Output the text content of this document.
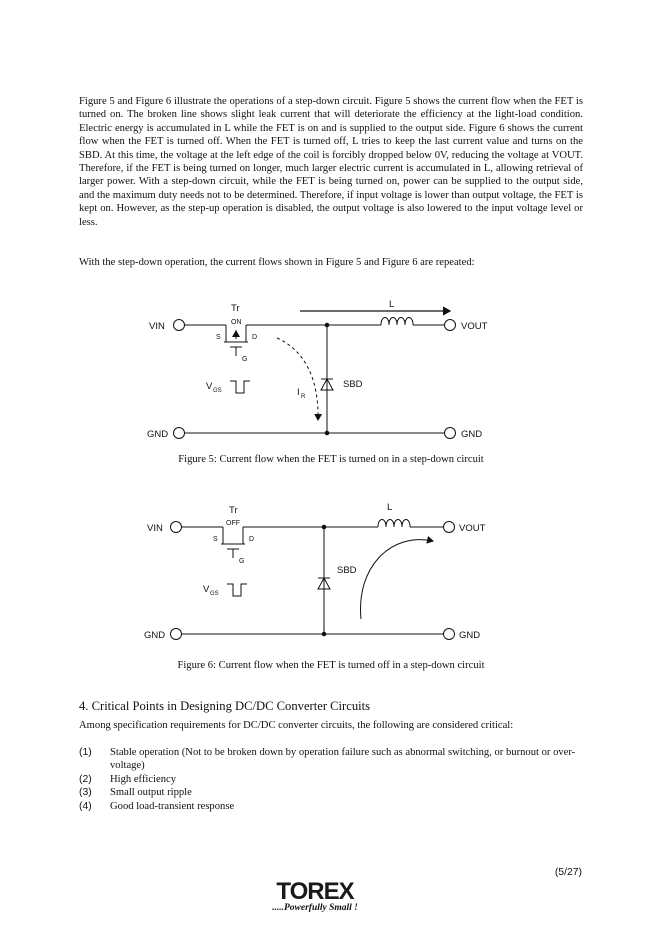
Figure 5 and Figure 6 illustrate the operations of a step-down circuit. Figure 5 shows the current flow when the FET is turned on. The broken line shows slight leak current that will deteriorate the efficiency at the light-load condition. Electric energy is accumulated in L while the FET is on and is supplied to the output side. Figure 6 shows the current flow when the FET is turned off. When the FET is turned off, L tries to keep the last current value and turns on the SBD. At this time, the voltage at the left edge of the coil is forcibly dropped below 0V, reducing the voltage at VOUT. Therefore, if the FET is being turned on longer, much larger electric current is accumulated in L, allowing retrieval of larger power. With a step-down circuit, while the FET is being turned on, power can be supplied to the output side, and the maximum duty needs not to be determined. Therefore, if input voltage is lower than output voltage, the FET is kept on. However, as the step-up operation is disabled, the output voltage is also lowered to the input voltage level or less.
With the step-down operation, the current flows shown in Figure 5 and Figure 6 are repeated:
VIN	VOUT
GND	GND
Tr
ON
S	D
G
V GS	I R
SBD
L
Figure 5: Current flow when the FET is turned on in a step-down circuit
VIN	VOUT
GND	GND
Tr
OFF
S	D
G
V GS
SBD
L
Figure 6: Current flow when the FET is turned off in a step-down circuit
4. Critical Points in Designing DC/DC Converter Circuits
Among specification requirements for DC/DC converter circuits, the following are considered critical:
(1)	Stable operation (Not to be broken down by operation failure such as abnormal switching, or burnout or over-voltage)
(2)	High efficiency
(3)	Small output ripple
(4)	Good load-transient response
(5/27)
TOREX
.....Powerfully Small !
